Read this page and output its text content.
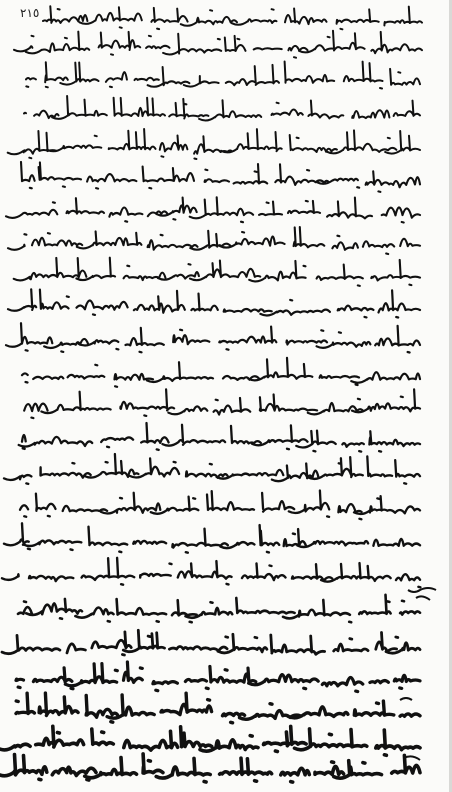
٢١٥
